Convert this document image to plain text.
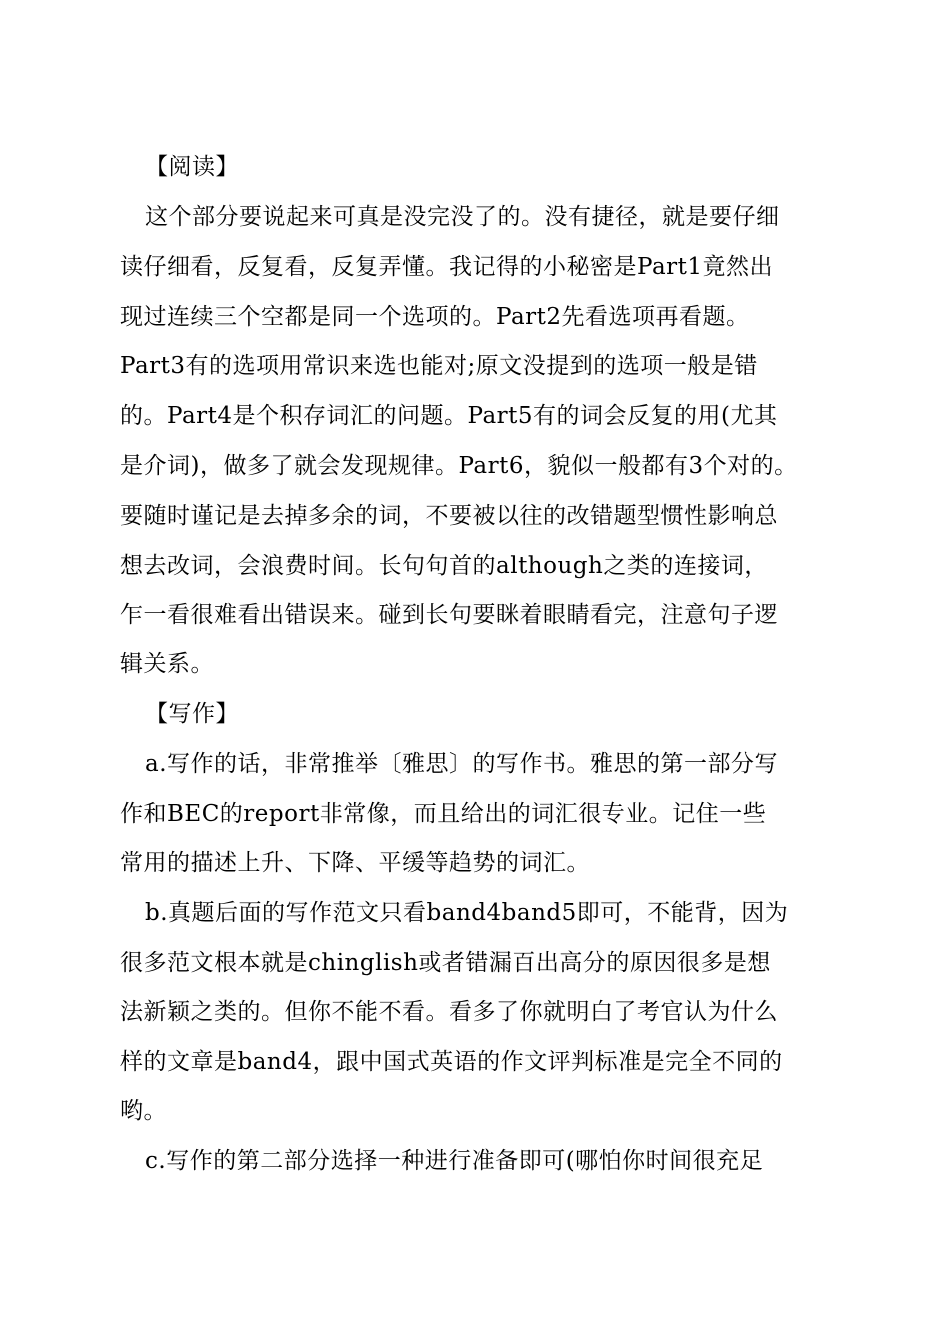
【阅读】
这个部分要说起来可真是没完没了的。没有捷径，就是要仔细
读仔细看，反复看，反复弄懂。我记得的小秘密是Part1竟然出
现过连续三个空都是同一个选项的。Part2先看选项再看题。
Part3有的选项用常识来选也能对;原文没提到的选项一般是错
的。Part4是个积存词汇的问题。Part5有的词会反复的用(尤其
是介词)，做多了就会发现规律。Part6，貌似一般都有3个对的。
要随时谨记是去掉多余的词，不要被以往的改错题型惯性影响总
想去改词，会浪费时间。长句句首的although之类的连接词，
乍一看很难看出错误来。碰到长句要眯着眼睛看完，注意句子逻
辑关系。
【写作】
a.写作的话，非常推举〔雅思〕的写作书。雅思的第一部分写
作和BEC的report非常像，而且给出的词汇很专业。记住一些
常用的描述上升、下降、平缓等趋势的词汇。
b.真题后面的写作范文只看band4band5即可，不能背，因为
很多范文根本就是chinglish或者错漏百出高分的原因很多是想
法新颖之类的。但你不能不看。看多了你就明白了考官认为什么
样的文章是band4，跟中国式英语的作文评判标准是完全不同的
哟。
c.写作的第二部分选择一种进行准备即可(哪怕你时间很充足
